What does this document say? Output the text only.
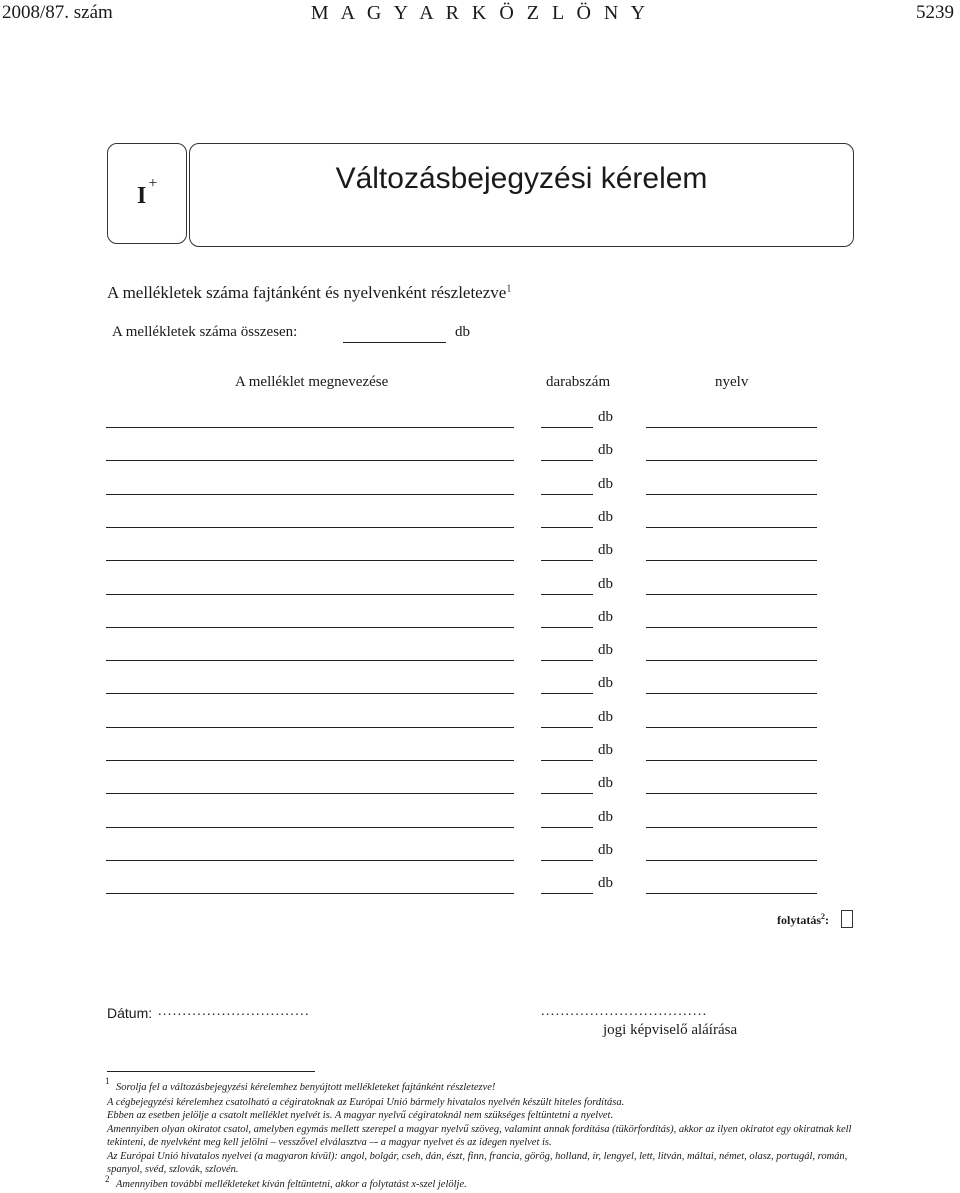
2008/87. szám	M A G Y A R K Ö Z L Ö N Y	5239
I +	Változásbejegyzési kérelem
A mellékletek száma fajtánként és nyelvenként részletezve$^1$
A mellékletek száma összesen:	db
A melléklet megnevezése	darabszám	nyelv
db
db
db
db
db
db
db
db
db
db
db
db
db
db
db
folytatás$^2$:
Dátum: ...............................	..................................
jogi képviselő aláírása
1
Sorolja fel a változásbejegyzési kérelemhez benyújtott mellékleteket fajtánként részletezve!
A cégbejegyzési kérelemhez csatolható a cégiratoknak az Európai Unió bármely hivatalos nyelvén készült hiteles fordítása.
Ebben az esetben jelölje a csatolt melléklet nyelvét is. A magyar nyelvű cégiratoknál nem szükséges feltüntetni a nyelvet.
Amennyiben olyan okiratot csatol, amelyben egymás mellett szerepel a magyar nyelvű szöveg, valamint annak fordítása (tükörfordítás), akkor az ilyen okiratot egy okiratnak kell tekinteni, de nyelvként meg kell jelölni – vesszővel elválasztva –- a magyar nyelvet és az idegen nyelvet is.
Az Európai Unió hivatalos nyelvei (a magyaron kívül): angol, bolgár, cseh, dán, észt, finn, francia, görög, holland, ír, lengyel, lett, litván, máltai, német, olasz, portugál, román, spanyol, svéd, szlovák, szlovén.
2 Amennyiben további mellékleteket kíván feltüntetni, akkor a folytatást x-szel jelölje.
